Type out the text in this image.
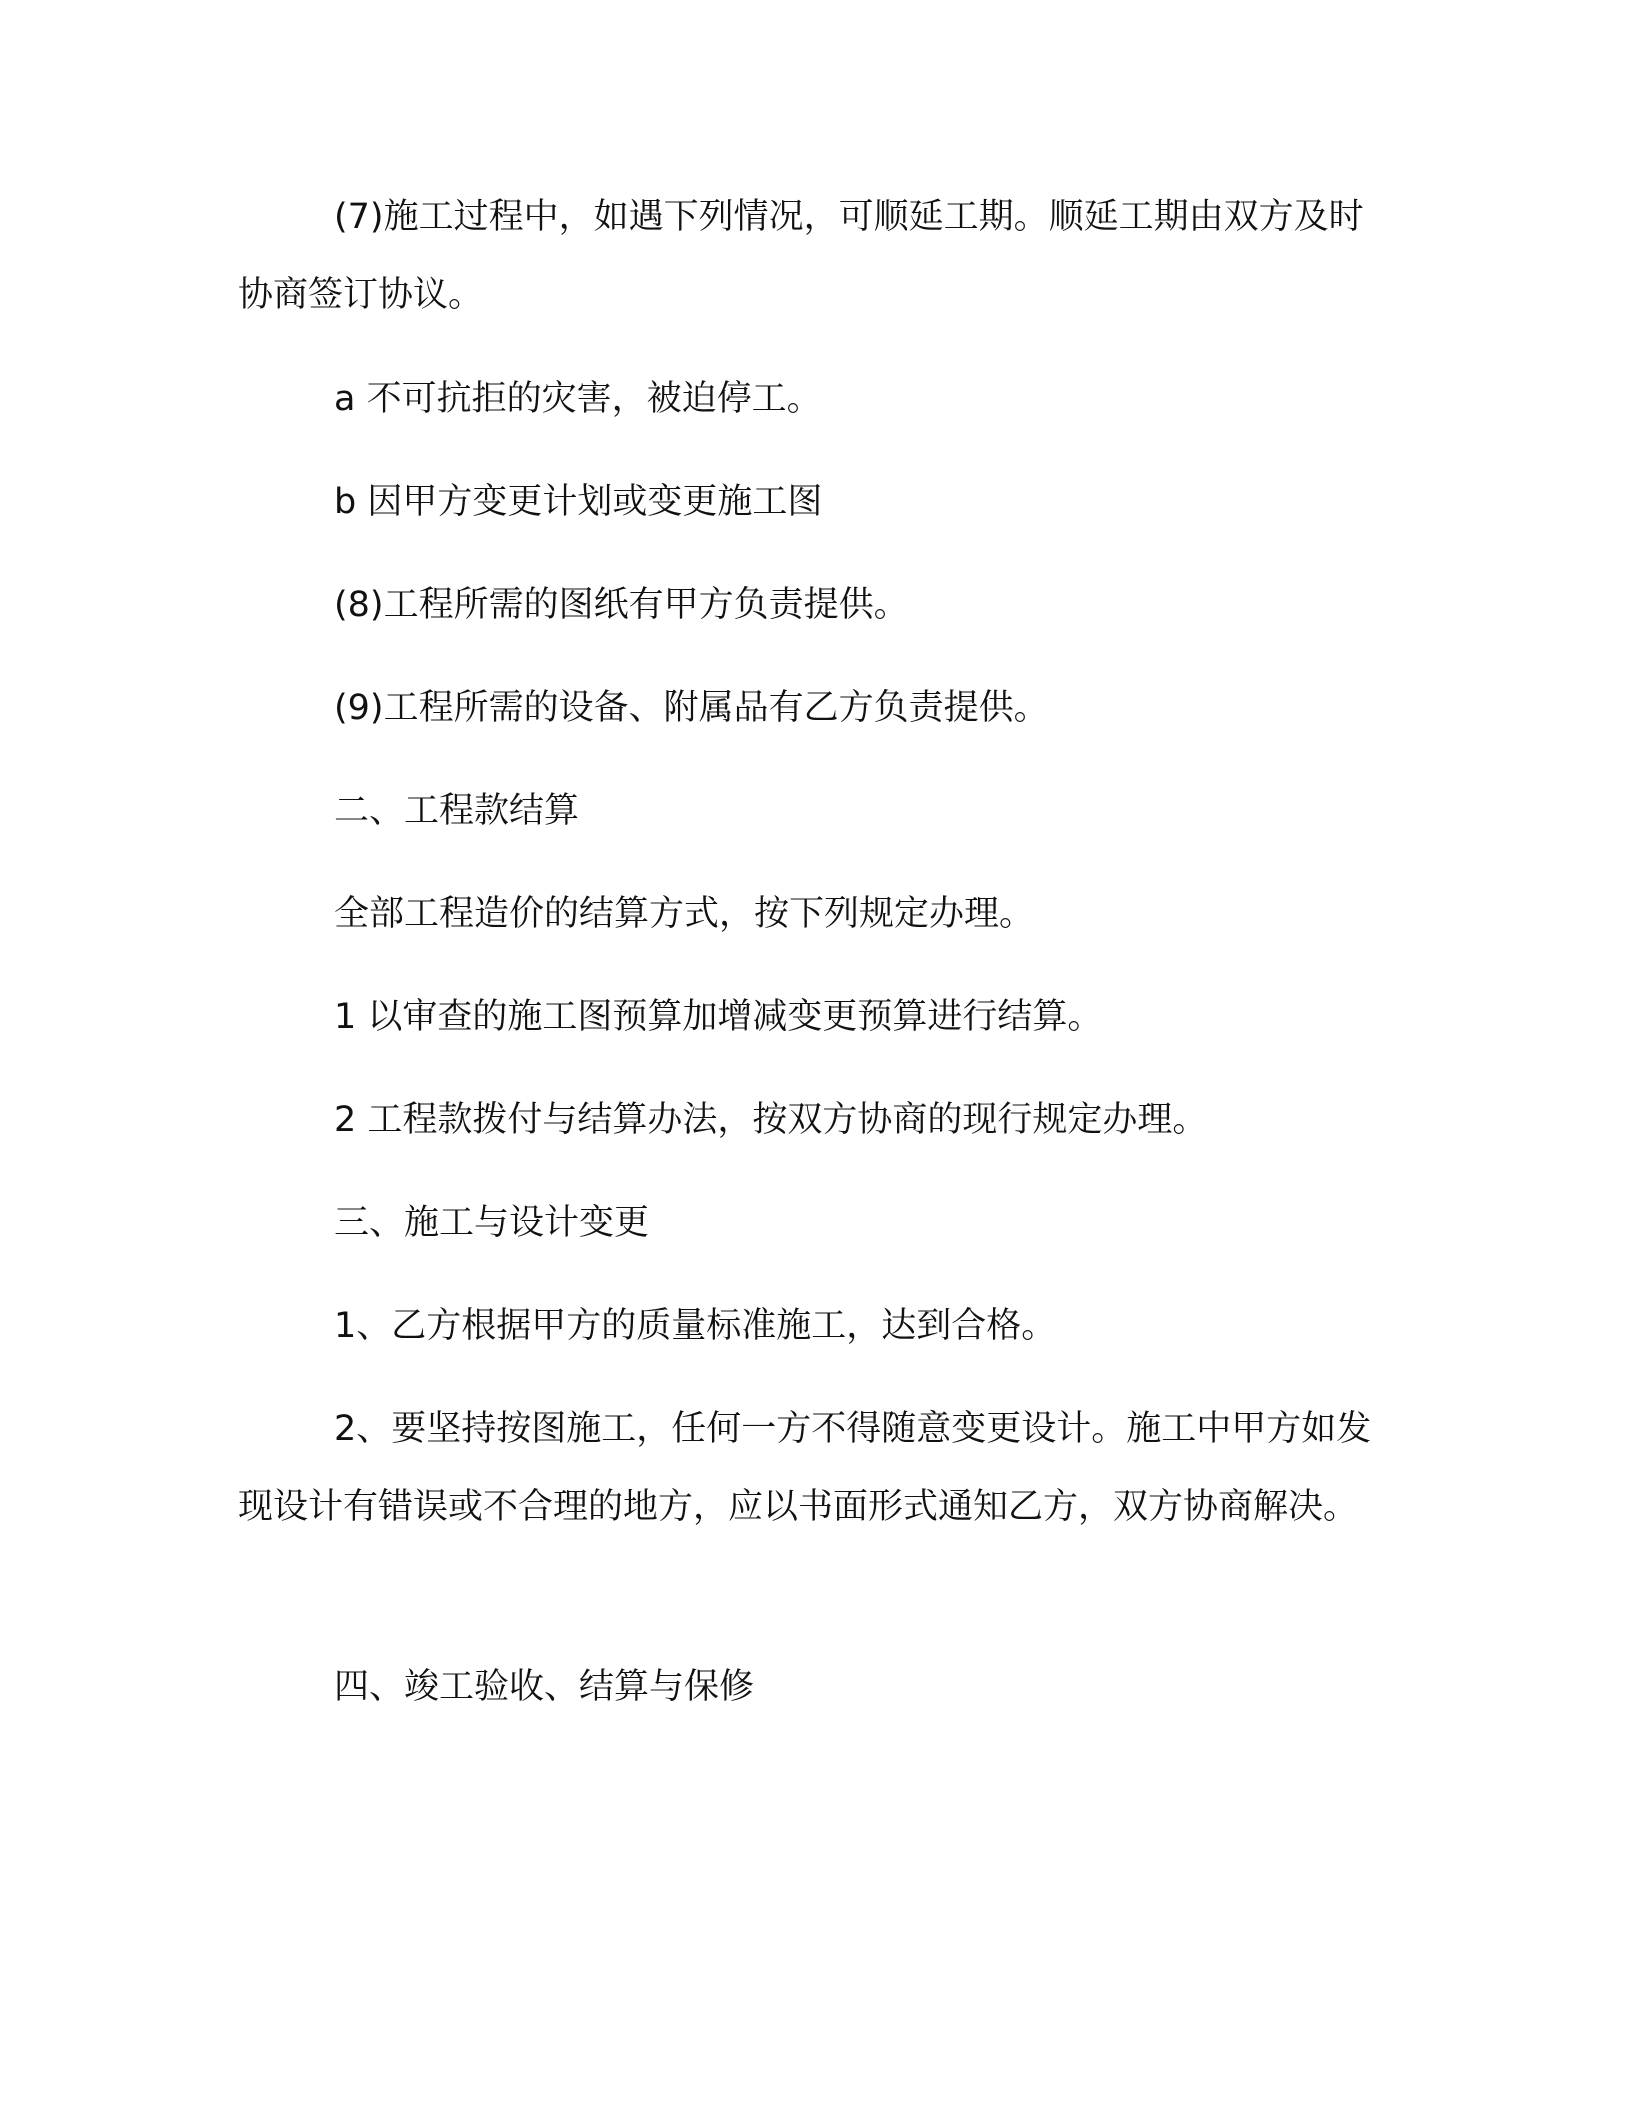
(7)施工过程中，如遇下列情况，可顺延工期。顺延工期由双方及时协商签订协议。

a 不可抗拒的灾害，被迫停工。

b 因甲方变更计划或变更施工图

(8)工程所需的图纸有甲方负责提供。

(9)工程所需的设备、附属品有乙方负责提供。

二、工程款结算

全部工程造价的结算方式，按下列规定办理。

1 以审查的施工图预算加增减变更预算进行结算。

2 工程款拨付与结算办法，按双方协商的现行规定办理。

三、施工与设计变更

1、乙方根据甲方的质量标准施工，达到合格。

2、要坚持按图施工，任何一方不得随意变更设计。施工中甲方如发现设计有错误或不合理的地方，应以书面形式通知乙方，双方协商解决。

四、竣工验收、结算与保修
